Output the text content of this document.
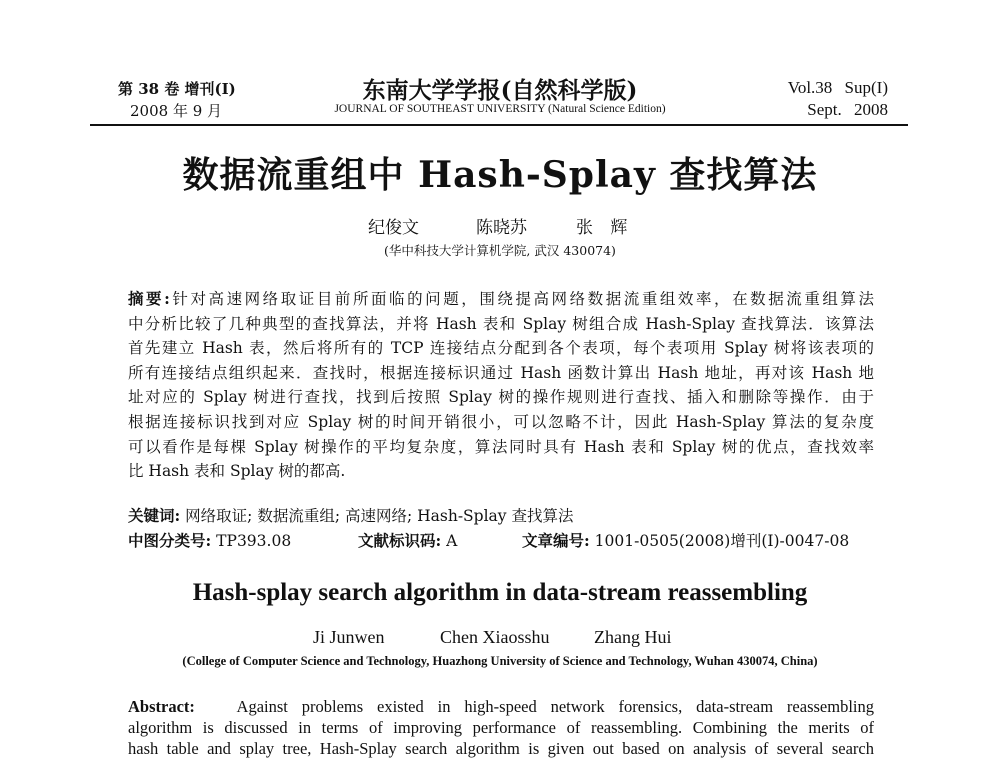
第 38 卷 增刊(I)
2008 年 9 月
东南大学学报(自然科学版)
JOURNAL OF SOUTHEAST UNIVERSITY (Natural Science Edition)
Vol.38 Sup(I)
Sept. 2008
数据流重组中 Hash-Splay 查找算法
纪俊文	陈晓苏	张 辉
(华中科技大学计算机学院, 武汉 430074)
摘要:针对高速网络取证目前所面临的问题，围绕提高网络数据流重组效率，在数据流重组算法
中分析比较了几种典型的查找算法，并将 Hash 表和 Splay 树组合成 Hash-Splay 查找算法．该算法
首先建立 Hash 表，然后将所有的 TCP 连接结点分配到各个表项，每个表项用 Splay 树将该表项的
所有连接结点组织起来．查找时，根据连接标识通过 Hash 函数计算出 Hash 地址，再对该 Hash 地
址对应的 Splay 树进行查找，找到后按照 Splay 树的操作规则进行查找、插入和删除等操作．由于
根据连接标识找到对应 Splay 树的时间开销很小，可以忽略不计，因此 Hash-Splay 算法的复杂度
可以看作是每棵 Splay 树操作的平均复杂度，算法同时具有 Hash 表和 Splay 树的优点，查找效率
比 Hash 表和 Splay 树的都高.
关键词: 网络取证; 数据流重组; 高速网络; Hash-Splay 查找算法
中图分类号: TP393.08	文献标识码: A	文章编号: 1001-0505(2008)增刊(I)-0047-08
Hash-splay search algorithm in data-stream reassembling
Ji Junwen	Chen Xiaosshu Zhang Hui
(College of Computer Science and Technology, Huazhong University of Science and Technology, Wuhan 430074, China)
Abstract:	Against problems existed in high-speed network forensics, data-stream reassembling
algorithm is discussed in terms of improving performance of reassembling. Combining the merits of
hash table and splay tree, Hash-Splay search algorithm is given out based on analysis of several search
